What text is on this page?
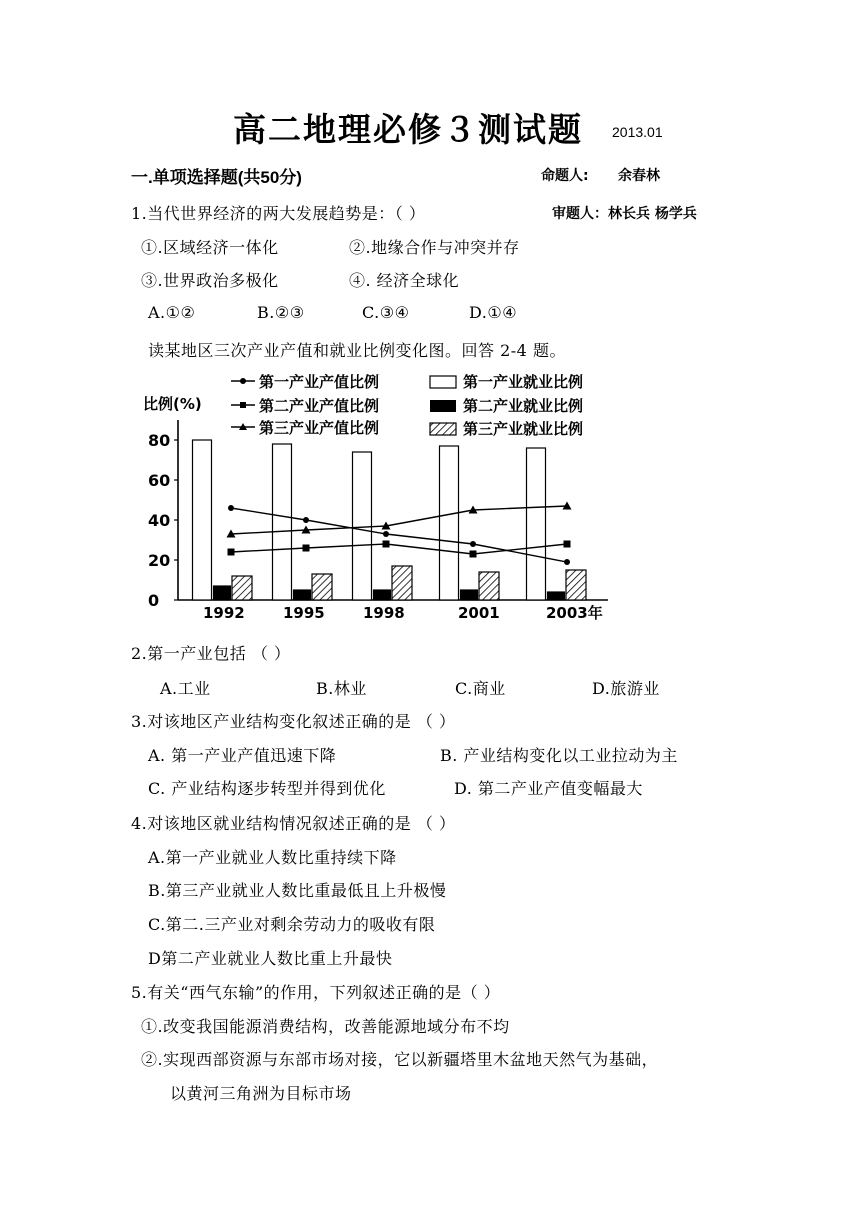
高二地理必修３测试题 2013.01
一.单项选择题(共50分)	命题人: 余春林
1.当代世界经济的两大发展趋势是：（ ）	审题人：林长兵 杨学兵
①.区域经济一体化	②.地缘合作与冲突并存
③.世界政治多极化	④. 经济全球化
A.①②	B.②③	C.③④	D.①④
读某地区三次产业产值和就业比例变化图。回答 2-4 题。
第一产业产值比例
第二产业产值比例
第三产业产值比例
第一产业就业比例
第二产业就业比例
第三产业就业比例
比例(%)
0
20
40
60
80
1992	1995	1998	2001	2003年
2.第一产业包括 （ ）
A.工业	B.林业	C.商业	D.旅游业
3.对该地区产业结构变化叙述正确的是 （ ）
A. 第一产业产值迅速下降	B. 产业结构变化以工业拉动为主
C. 产业结构逐步转型并得到优化	D. 第二产业产值变幅最大
4.对该地区就业结构情况叙述正确的是 （ ）
A.第一产业就业人数比重持续下降
B.第三产业就业人数比重最低且上升极慢
C.第二.三产业对剩余劳动力的吸收有限
D第二产业就业人数比重上升最快
5.有关“西气东输”的作用，下列叙述正确的是（ ）
①.改变我国能源消费结构，改善能源地域分布不均
②.实现西部资源与东部市场对接，它以新疆塔里木盆地天然气为基础，
以黄河三角洲为目标市场
